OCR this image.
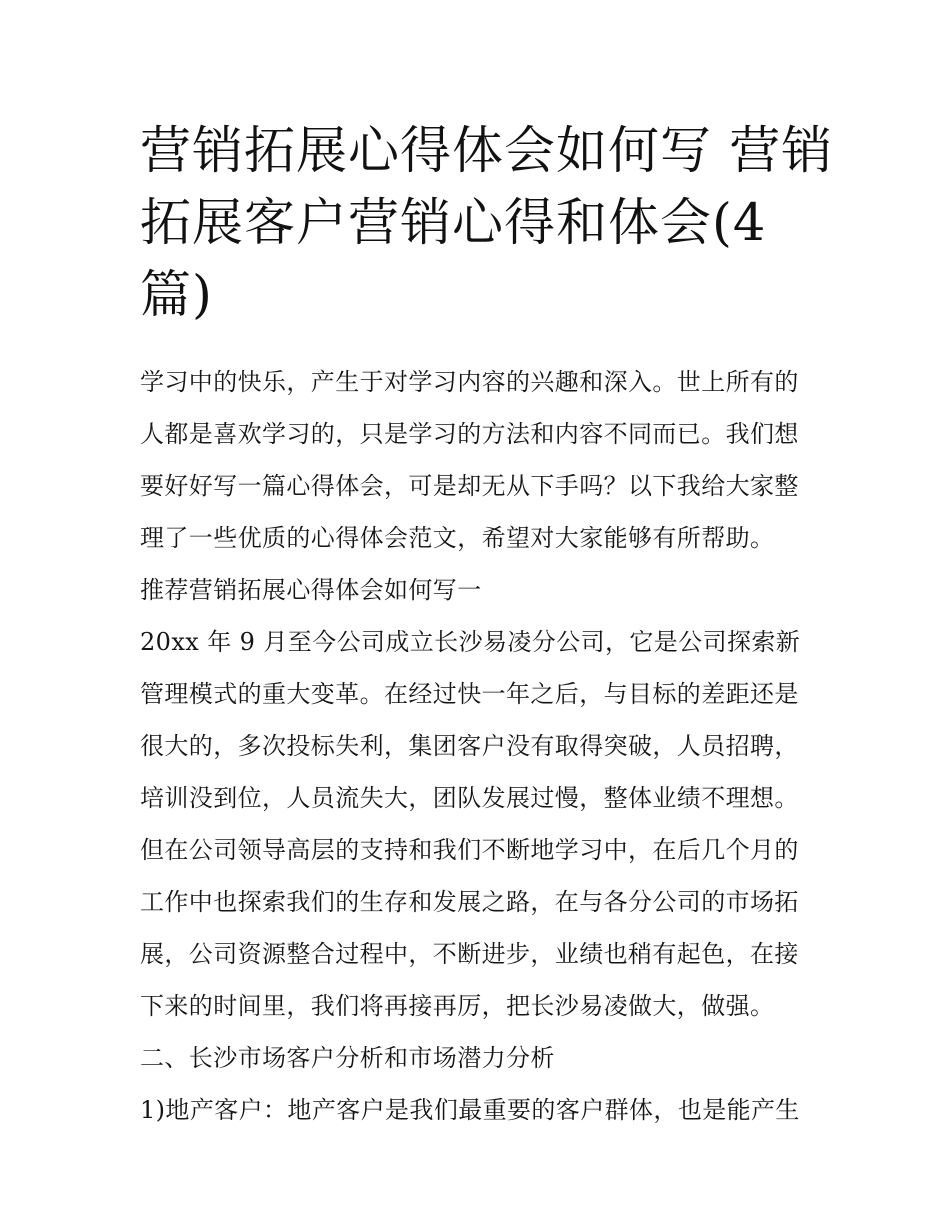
营销拓展心得体会如何写 营销
拓展客户营销心得和体会(4
篇)
学习中的快乐，产生于对学习内容的兴趣和深入。世上所有的
人都是喜欢学习的，只是学习的方法和内容不同而已。我们想
要好好写一篇心得体会，可是却无从下手吗？以下我给大家整
理了一些优质的心得体会范文，希望对大家能够有所帮助。
推荐营销拓展心得体会如何写一
20xx 年 9 月至今公司成立长沙易凌分公司，它是公司探索新
管理模式的重大变革。在经过快一年之后，与目标的差距还是
很大的，多次投标失利，集团客户没有取得突破，人员招聘，
培训没到位，人员流失大，团队发展过慢，整体业绩不理想。
但在公司领导高层的支持和我们不断地学习中，在后几个月的
工作中也探索我们的生存和发展之路，在与各分公司的市场拓
展，公司资源整合过程中，不断进步，业绩也稍有起色，在接
下来的时间里，我们将再接再厉，把长沙易凌做大，做强。
二、长沙市场客户分析和市场潜力分析
1)地产客户：地产客户是我们最重要的客户群体，也是能产生
